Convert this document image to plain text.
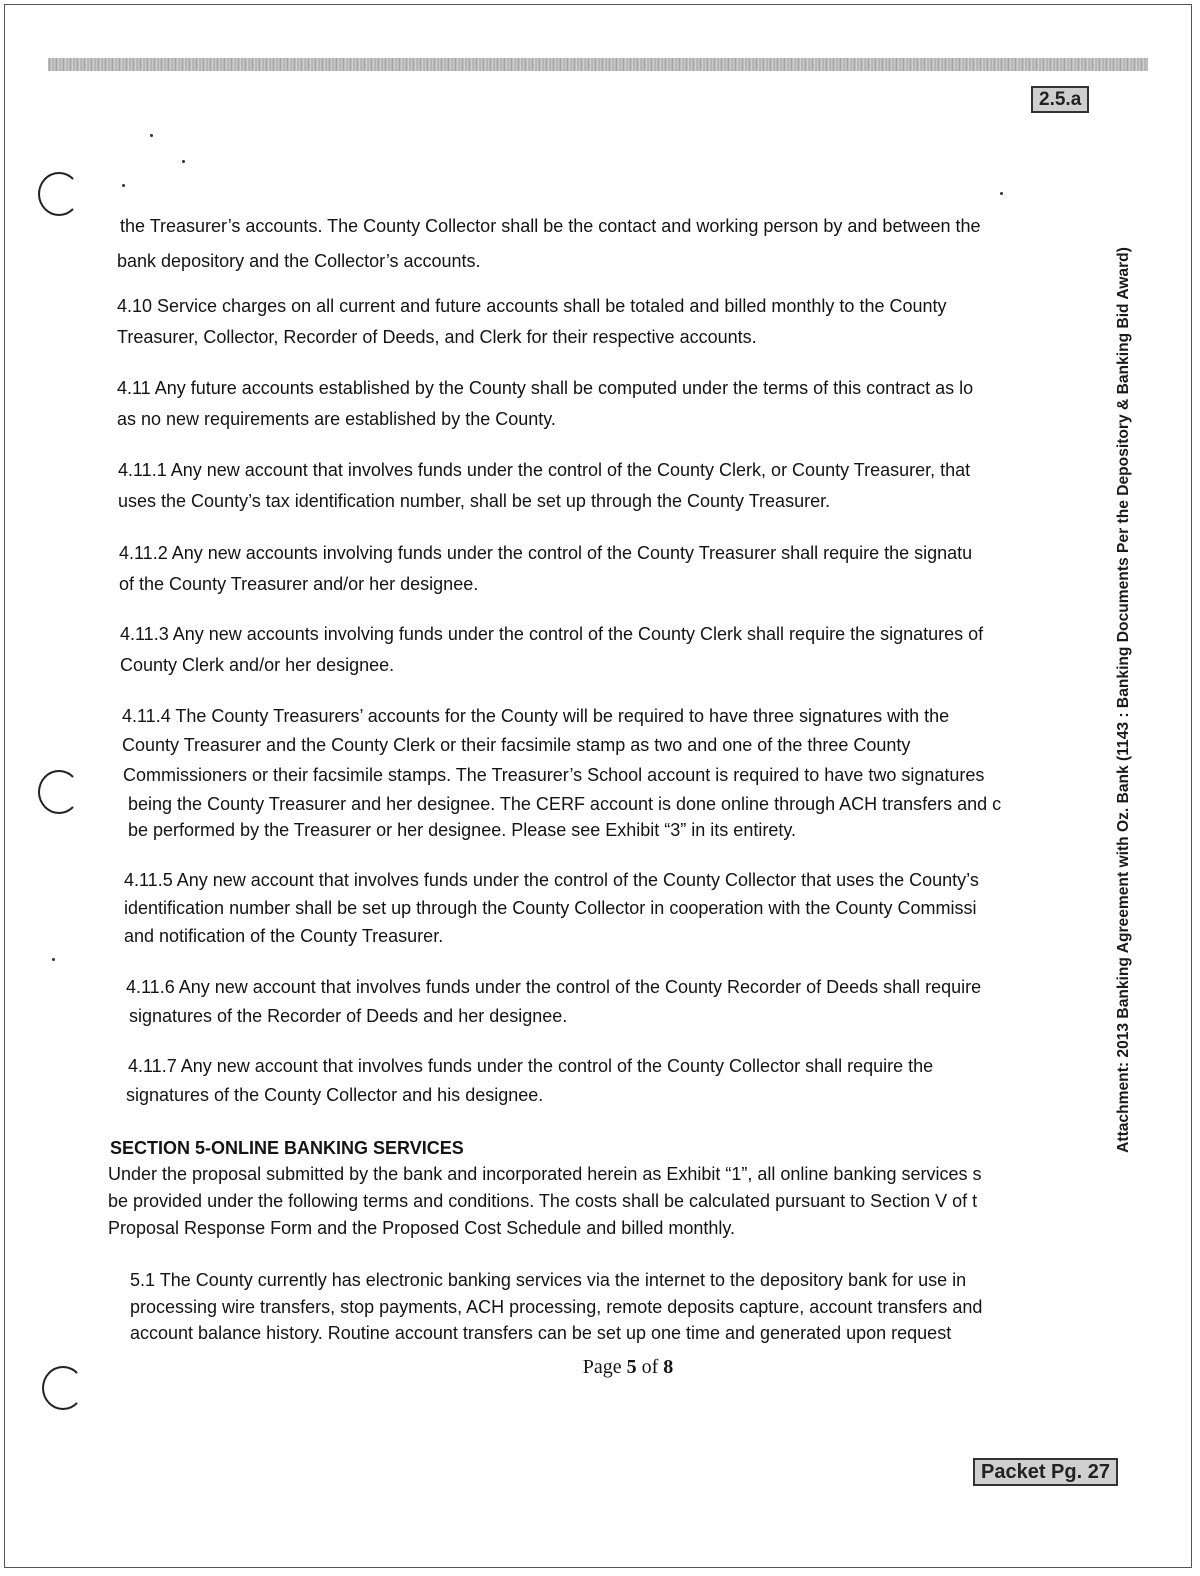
2.5.a
the Treasurer’s accounts. The County Collector shall be the contact and working person by and between the
bank depository and the Collector’s accounts.
4.10 Service charges on all current and future accounts shall be totaled and billed monthly to the County
Treasurer, Collector, Recorder of Deeds, and Clerk for their respective accounts.
4.11 Any future accounts established by the County shall be computed under the terms of this contract as lo
as no new requirements are established by the County.
4.11.1 Any new account that involves funds under the control of the County Clerk, or County Treasurer, that
uses the County’s tax identification number, shall be set up through the County Treasurer.
4.11.2 Any new accounts involving funds under the control of the County Treasurer shall require the signatu
of the County Treasurer and/or her designee.
4.11.3 Any new accounts involving funds under the control of the County Clerk shall require the signatures of
County Clerk and/or her designee.
4.11.4 The County Treasurers’ accounts for the County will be required to have three signatures with the
County Treasurer and the County Clerk or their facsimile stamp as two and one of the three County
Commissioners or their facsimile stamps. The Treasurer’s School account is required to have two signatures
being the County Treasurer and her designee. The CERF account is done online through ACH transfers and c
be performed by the Treasurer or her designee. Please see Exhibit “3” in its entirety.
4.11.5 Any new account that involves funds under the control of the County Collector that uses the County’s
identification number shall be set up through the County Collector in cooperation with the County Commissi
and notification of the County Treasurer.
4.11.6 Any new account that involves funds under the control of the County Recorder of Deeds shall require
signatures of the Recorder of Deeds and her designee.
4.11.7 Any new account that involves funds under the control of the County Collector shall require the
signatures of the County Collector and his designee.
SECTION 5-ONLINE BANKING SERVICES
Under the proposal submitted by the bank and incorporated herein as Exhibit “1”, all online banking services s
be provided under the following terms and conditions. The costs shall be calculated pursuant to Section V of t
Proposal Response Form and the Proposed Cost Schedule and billed monthly.
5.1 The County currently has electronic banking services via the internet to the depository bank for use in
processing wire transfers, stop payments, ACH processing, remote deposits capture, account transfers and
account balance history. Routine account transfers can be set up one time and generated upon request
Page 5 of 8
Packet Pg. 27
Attachment: 2013 Banking Agreement with Oz. Bank (1143 : Banking Documents Per the Depository & Banking Bid Award)
